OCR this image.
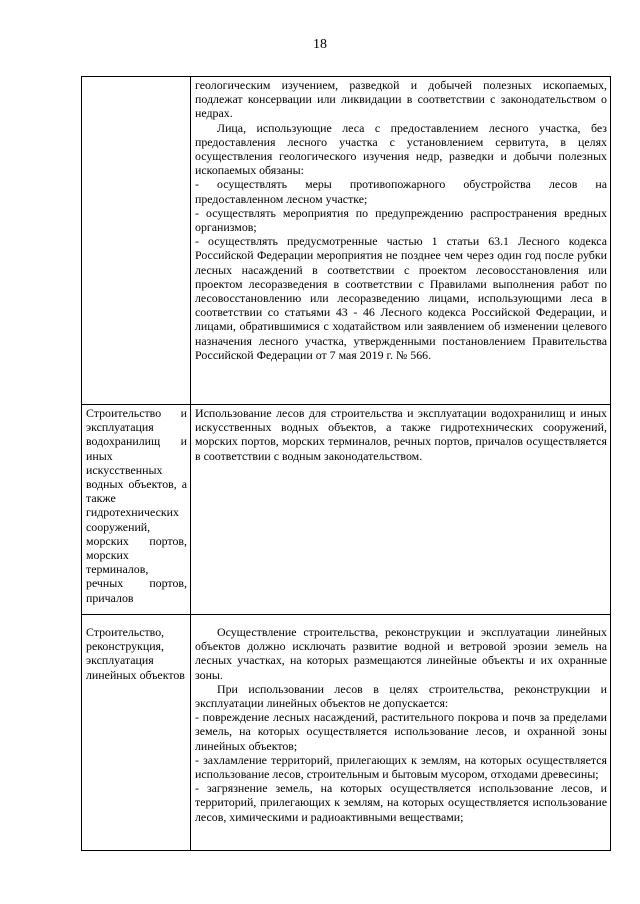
18

	геологическим изучением, разведкой и добычей полезных ископаемых, подлежат консервации или ликвидации в соответствии с законодательством о недрах.

Лица, использующие леса с предоставлением лесного участка, без предоставления лесного участка с установлением сервитута, в целях осуществления геологического изучения недр, разведки и добычи полезных ископаемых обязаны:

- осуществлять меры противопожарного обустройства лесов на предоставленном лесном участке;

- осуществлять мероприятия по предупреждению распространения вредных организмов;

- осуществлять предусмотренные частью 1 статьи 63.1 Лесного кодекса Российской Федерации мероприятия не позднее чем через один год после рубки лесных насаждений в соответствии с проектом лесовосстановления или проектом лесоразведения в соответствии с Правилами выполнения работ по лесовосстановлению или лесоразведению лицами, использующими леса в соответствии со статьями 43 - 46 Лесного кодекса Российской Федерации, и лицами, обратившимися с ходатайством или заявлением об изменении целевого назначения лесного участка, утвержденными постановлением Правительства Российской Федерации от 7 мая 2019 г. № 566.

Строительство и эксплуатация водохранилищ и иных искусственных водных объектов, а также гидротехнических сооружений, морских портов, морских терминалов, речных портов, причалов	Использование лесов для строительства и эксплуатации водохранилищ и иных искусственных водных объектов, а также гидротехнических сооружений, морских портов, морских терминалов, речных портов, причалов осуществляется в соответствии с водным законодательством.

Строительство, реконструкция, эксплуатация линейных объектов	Осуществление строительства, реконструкции и эксплуатации линейных объектов должно исключать развитие водной и ветровой эрозии земель на лесных участках, на которых размещаются линейные объекты и их охранные зоны.

При использовании лесов в целях строительства, реконструкции и эксплуатации линейных объектов не допускается:

- повреждение лесных насаждений, растительного покрова и почв за пределами земель, на которых осуществляется использование лесов, и охранной зоны линейных объектов;

- захламление территорий, прилегающих к землям, на которых осуществляется использование лесов, строительным и бытовым мусором, отходами древесины;

- загрязнение земель, на которых осуществляется использование лесов, и территорий, прилегающих к землям, на которых осуществляется использование лесов, химическими и радиоактивными веществами;
